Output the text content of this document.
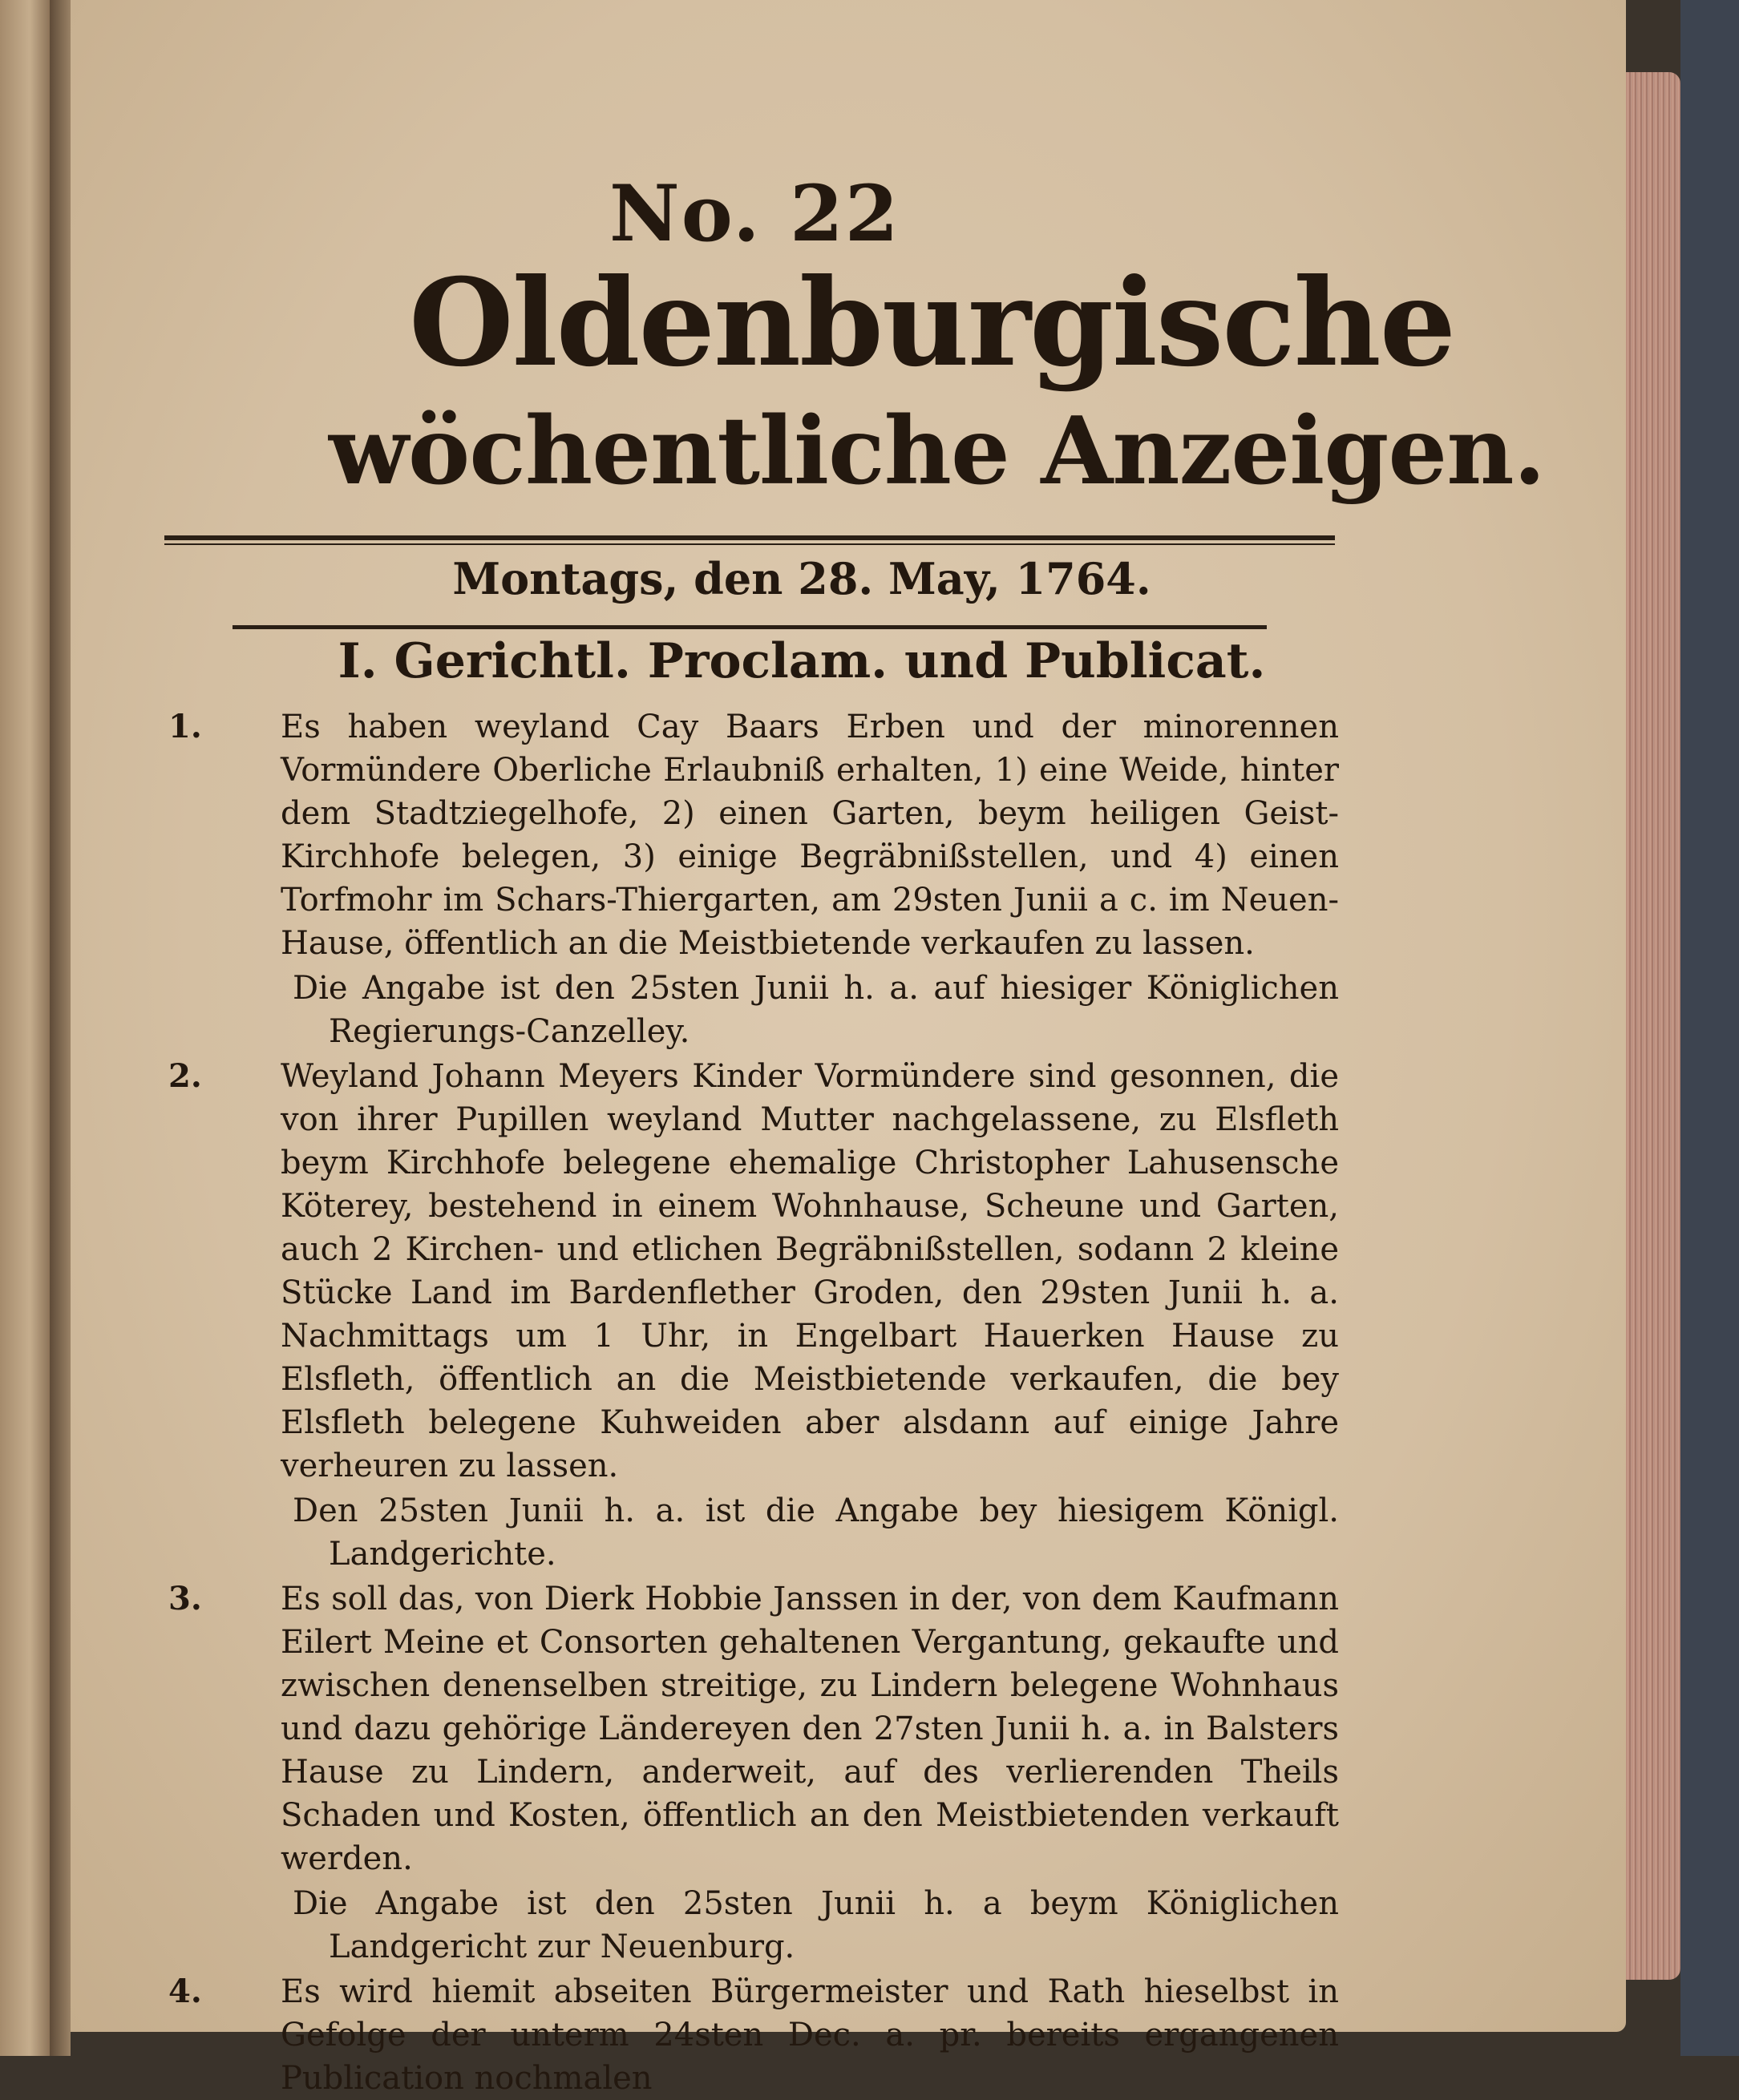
No. 22
Oldenburgische
wöchentliche Anzeigen.
Montags, den 28. May, 1764.
I. Gerichtl. Proclam. und Publicat.
1. Es haben weyland Cay Baars Erben und der minorennen Vormündere Oberliche Erlaubniß erhalten, 1) eine Weide, hinter dem Stadtziegelhofe, 2) einen Garten, beym heiligen Geist-Kirchhofe belegen, 3) einige Begräbnißstellen, und 4) einen Torfmohr im Schars-Thiergarten, am 29sten Junii a c. im Neuen-Hause, öffentlich an die Meistbietende verkaufen zu lassen.
Die Angabe ist den 25sten Junii h. a. auf hiesiger Königlichen Regierungs-Canzelley.
2. Weyland Johann Meyers Kinder Vormündere sind gesonnen, die von ihrer Pupillen weyland Mutter nachgelassene, zu Elsfleth beym Kirchhofe belegene ehemalige Christopher Lahusensche Köterey, bestehend in einem Wohnhause, Scheune und Garten, auch 2 Kirchen- und etlichen Begräbnißstellen, sodann 2 kleine Stücke Land im Bardenflether Groden, den 29sten Junii h. a. Nachmittags um 1 Uhr, in Engelbart Hauerken Hause zu Elsfleth, öffentlich an die Meistbietende verkaufen, die bey Elsfleth belegene Kuhweiden aber alsdann auf einige Jahre verheuren zu lassen.
Den 25sten Junii h. a. ist die Angabe bey hiesigem Königl. Landgerichte.
3. Es soll das, von Dierk Hobbie Janssen in der, von dem Kaufmann Eilert Meine et Consorten gehaltenen Vergantung, gekaufte und zwischen denenselben streitige, zu Lindern belegene Wohnhaus und dazu gehörige Ländereyen den 27sten Junii h. a. in Balsters Hause zu Lindern, anderweit, auf des verlierenden Theils Schaden und Kosten, öffentlich an den Meistbietenden verkauft werden.
Die Angabe ist den 25sten Junii h. a beym Königlichen Landgericht zur Neuenburg.
4. Es wird hiemit abseiten Bürgermeister und Rath hieselbst in Gefolge der unterm 24sten Dec. a. pr. bereits ergangenen Publication nochmalen
